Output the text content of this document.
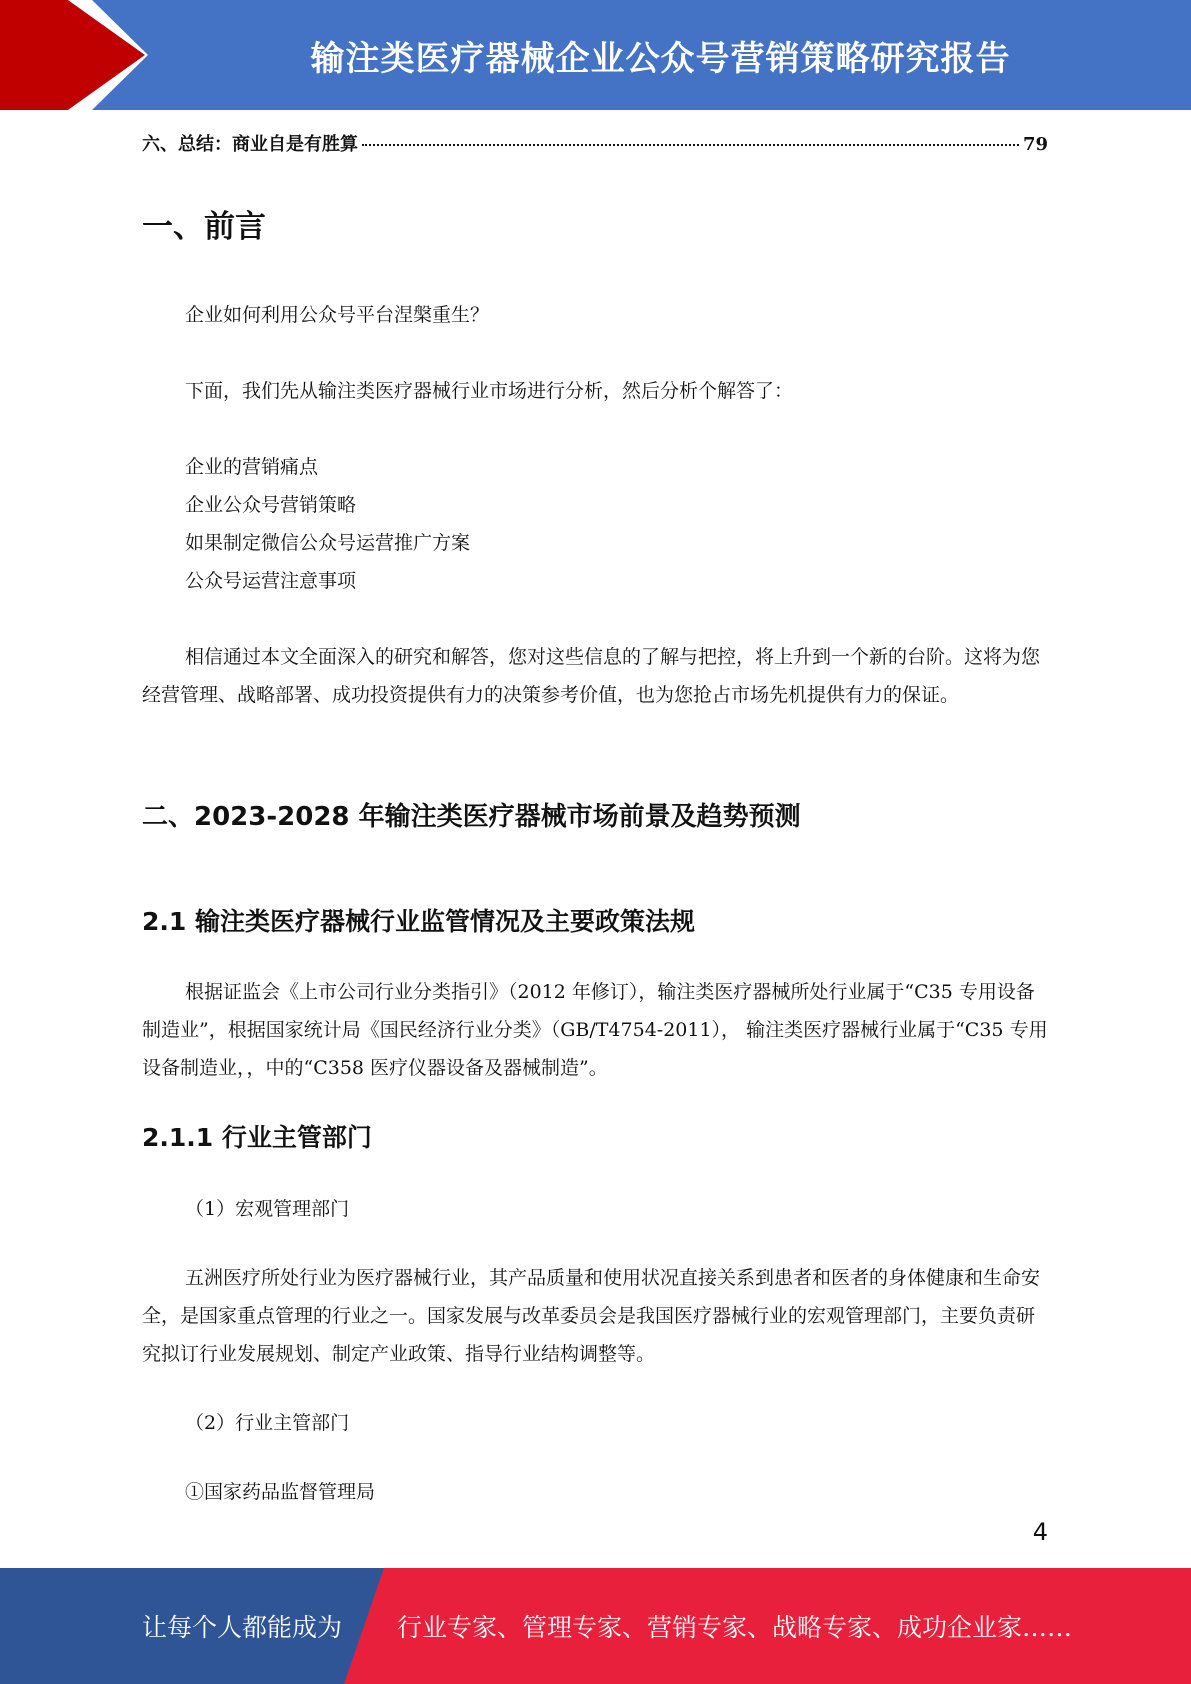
输注类医疗器械企业公众号营销策略研究报告
六、总结：商业自是有胜算	79
一、前言

企业如何利用公众号平台涅槃重生？

下面，我们先从输注类医疗器械行业市场进行分析，然后分析个解答了：

企业的营销痛点

企业公众号营销策略

如果制定微信公众号运营推广方案

公众号运营注意事项

相信通过本文全面深入的研究和解答，您对这些信息的了解与把控，将上升到一个新的台阶。这将为您经营管理、战略部署、成功投资提供有力的决策参考价值，也为您抢占市场先机提供有力的保证。

二、2023-2028 年输注类医疗器械市场前景及趋势预测
2.1 输注类医疗器械行业监管情况及主要政策法规

根据证监会《上市公司行业分类指引》（2012 年修订），输注类医疗器械所处行业属于“C35 专用设备制造业”，根据国家统计局《国民经济行业分类》（GB/T4754-2011）， 输注类医疗器械行业属于“C35 专用设备制造业，，中的“C358 医疗仪器设备及器械制造”。

2.1.1 行业主管部门

（1）宏观管理部门

五洲医疗所处行业为医疗器械行业，其产品质量和使用状况直接关系到患者和医者的身体健康和生命安全，是国家重点管理的行业之一。国家发展与改革委员会是我国医疗器械行业的宏观管理部门，主要负责研究拟订行业发展规划、制定产业政策、指导行业结构调整等。

（2）行业主管部门

①国家药品监督管理局

4
让每个人都能成为 行业专家、管理专家、营销专家、战略专家、成功企业家……
